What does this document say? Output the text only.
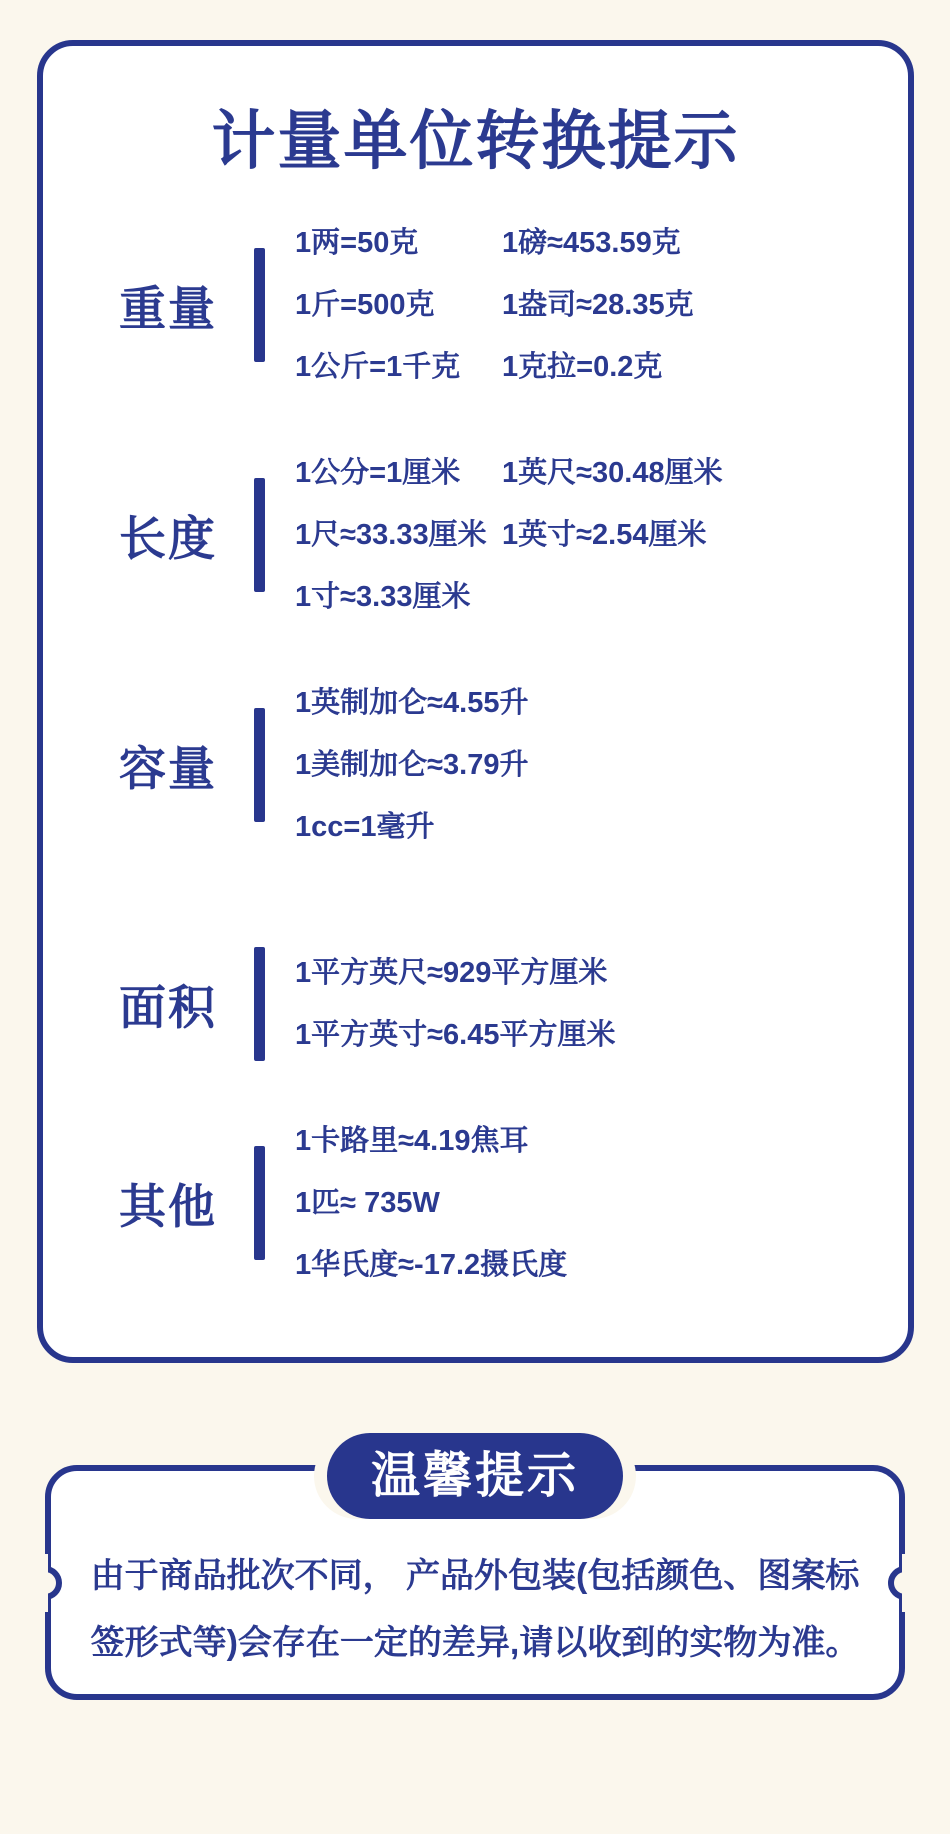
计量单位转换提示
重量
1两=50克	1磅≈453.59克
1斤=500克	1盎司≈28.35克
1公斤=1千克	1克拉=0.2克
长度
1公分=1厘米	1英尺≈30.48厘米
1尺≈33.33厘米 1英寸≈2.54厘米
1寸≈3.33厘米
容量
1英制加仑≈4.55升
1美制加仑≈3.79升
1cc=1毫升
面积
1平方英尺≈929平方厘米
1平方英寸≈6.45平方厘米
其他
1卡路里≈4.19焦耳
1匹≈ 735W
1华氏度≈-17.2摄氏度
温馨提示

由于商品批次不同， 产品外包装(包括颜色、图案标

签形式等)会存在一定的差异,请以收到的实物为准。
